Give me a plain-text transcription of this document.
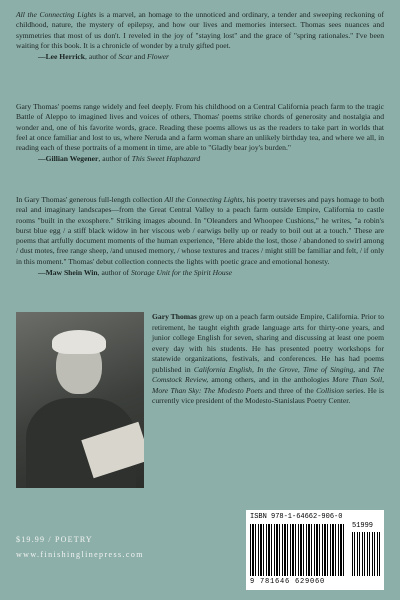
All the Connecting Lights is a marvel, an homage to the unnoticed and ordinary, a tender and sweeping reckoning of childhood, nature, the mystery of epilepsy, and how our lives and memories intersect. Thomas sees nuances and symmetries that most of us don't. I reveled in the joy of "staying lost" and the grace of "spring rationales." I've been waiting for this book. It is a chronicle of wonder by a truly gifted poet.

—Lee Herrick, author of Scar and Flower

Gary Thomas' poems range widely and feel deeply. From his childhood on a Central California peach farm to the tragic Battle of Aleppo to imagined lives and voices of others, Thomas' poems strike chords of generosity and nostalgia and wonder and, one of his favorite words, grace. Reading these poems allows us as the readers to take part in worlds that feel at once familiar and lost to us, where Neruda and a farm woman share an unlikely birthday tea, and where we all, in reading each of these portraits of a moment in time, are able to "Gladly bear joy's burden."

—Gillian Wegener, author of This Sweet Haphazard

In Gary Thomas' generous full-length collection All the Connecting Lights, his poetry traverses and pays homage to both real and imaginary landscapes—from the Great Central Valley to a peach farm outside Empire, California to castle rooms "built in the exosphere." Striking images abound. In "Oleanders and Whoopee Cushions," he writes, "a robin's burst blue egg / a stiff black widow in her viscous web / earwigs belly up or ready to boil out at a touch." These are poems that artfully document moments of the human experience, "Here abide the lost, those / abandoned to swirl among / dust motes, free range sheep, /and unused memory, / whose textures and traces / might still be familiar and felt, / if only in this moment." Thomas' debut collection connects the lights with poetic grace and emotional honesty.

—Maw Shein Win, author of Storage Unit for the Spirit House

Gary Thomas grew up on a peach farm outside Empire, California. Prior to retirement, he taught eighth grade language arts for thirty-one years, and junior college English for seven, sharing and discussing at least one poem every day with his students. He has presented poetry workshops for statewide organizations, festivals, and conferences. He has had poems published in California English, In the Grove, Time of Singing, and The Comstock Review, among others, and in the anthologies More Than Soil, More Than Sky: The Modesto Poets and three of the Collision series. He is currently vice president of the Modesto-Stanislaus Poetry Center.

$19.99 / POETRY
www.finishinglinepress.com
ISBN 978-1-64662-906-0
51999
9 781646 629060
